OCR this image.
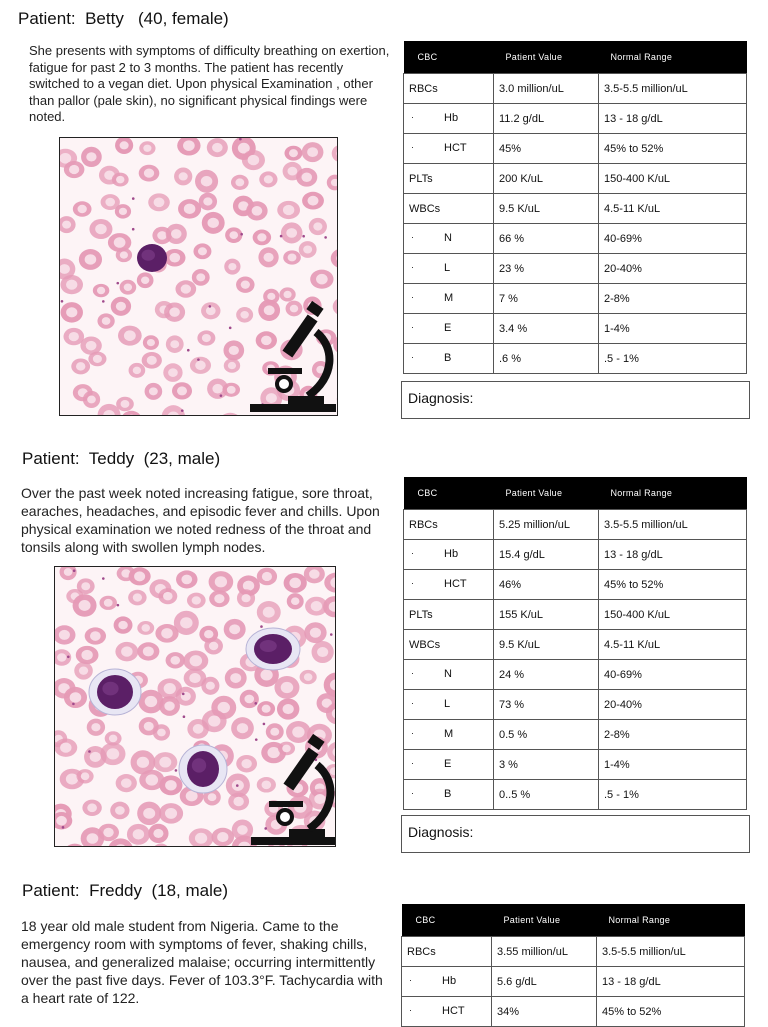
Patient:  Betty   (40, female)

She presents with symptoms of difficulty breathing on exertion, fatigue for past 2 to 3 months. The patient has recently switched to a vegan diet. Upon physical Examination , other than pallor (pale skin), no significant physical findings were noted.

CBC	Patient Value	Normal Range
RBCs	3.0 million/uL	3.5-5.5 million/uL

· Hb	11.2 g/dL	13 - 18 g/dL

· HCT	45%	45% to 52%
PLTs	200 K/uL	150-400 K/uL
WBCs	9.5 K/uL	4.5-11 K/uL

· N	66 %	40-69%

· L	23 %	20-40%

· M	7 %	2-8%

· E	3.4 %	1-4%

· B	.6 %	.5 - 1%
Diagnosis:
Patient:  Teddy  (23, male)

Over the past week noted increasing fatigue, sore throat, earaches, headaches, and episodic fever and chills. Upon physical examination we noted redness of the throat and tonsils along with swollen lymph nodes.

CBC	Patient Value	Normal Range
RBCs	5.25 million/uL	3.5-5.5 million/uL

· Hb	15.4 g/dL	13 - 18 g/dL

· HCT	46%	45% to 52%
PLTs	155 K/uL	150-400 K/uL
WBCs	9.5 K/uL	4.5-11 K/uL

· N	24 %	40-69%

· L	73 %	20-40%

· M	0.5 %	2-8%

· E	3 %	1-4%

· B	0..5 %	.5 - 1%
Diagnosis:
Patient:  Freddy  (18, male)

18 year old male student from Nigeria. Came to the emergency room with symptoms of fever, shaking chills, nausea, and generalized malaise; occurring intermittently over the past five days. Fever of 103.3°F. Tachycardia with a heart rate of 122.

CBC	Patient Value	Normal Range
RBCs	3.55 million/uL	3.5-5.5 million/uL

· Hb	5.6 g/dL	13 - 18 g/dL

· HCT	34%	45% to 52%
